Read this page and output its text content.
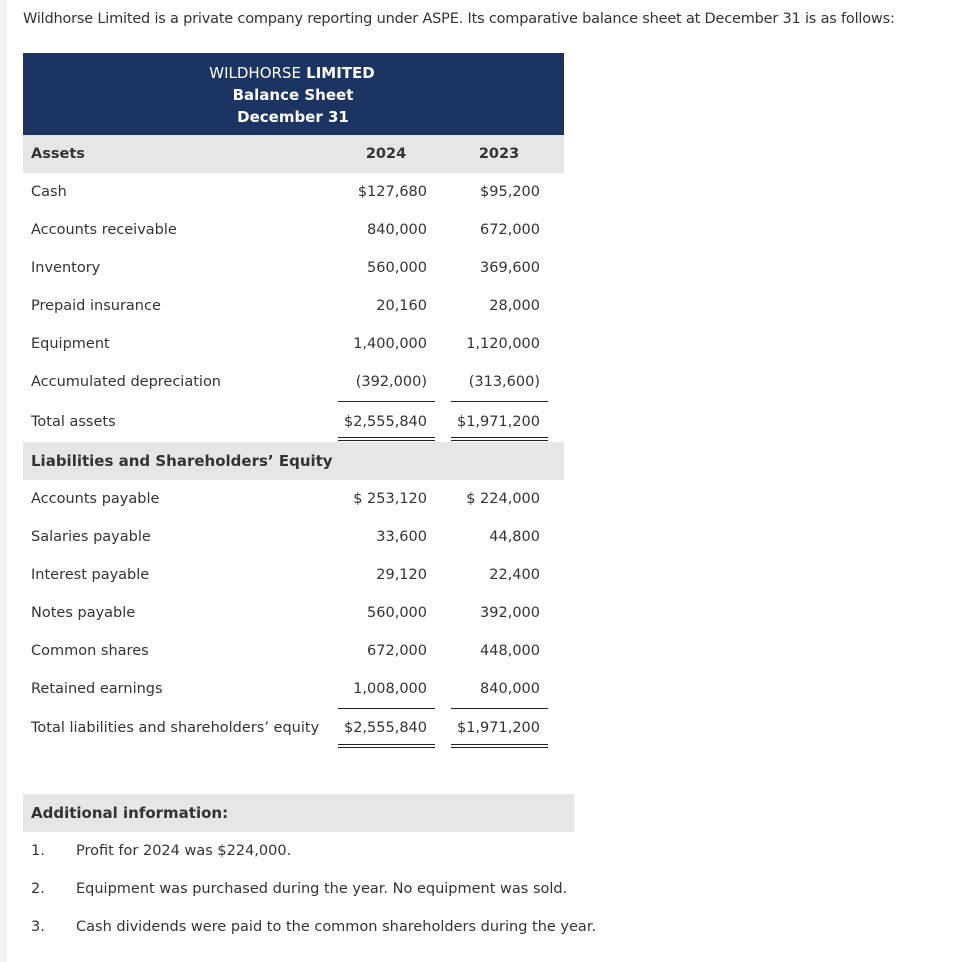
Wildhorse Limited is a private company reporting under ASPE. Its comparative balance sheet at December 31 is as follows:
WILDHORSE LIMITED
Balance Sheet
December 31
Assets	2024	2023
Cash	$127,680	$95,200
Accounts receivable	840,000	672,000
Inventory	560,000	369,600
Prepaid insurance	20,160	28,000
Equipment	1,400,000	1,120,000
Accumulated depreciation	(392,000)	(313,600)
Total assets	$2,555,840 $1,971,200
Liabilities and Shareholders’ Equity
Accounts payable	$ 253,120	$ 224,000
Salaries payable	33,600	44,800
Interest payable	29,120	22,400
Notes payable	560,000	392,000
Common shares	672,000	448,000
Retained earnings	1,008,000	840,000
Total liabilities and shareholders’ equity $2,555,840 $1,971,200
Additional information:
1. Profit for 2024 was $224,000.
2. Equipment was purchased during the year. No equipment was sold.
3. Cash dividends were paid to the common shareholders during the year.
